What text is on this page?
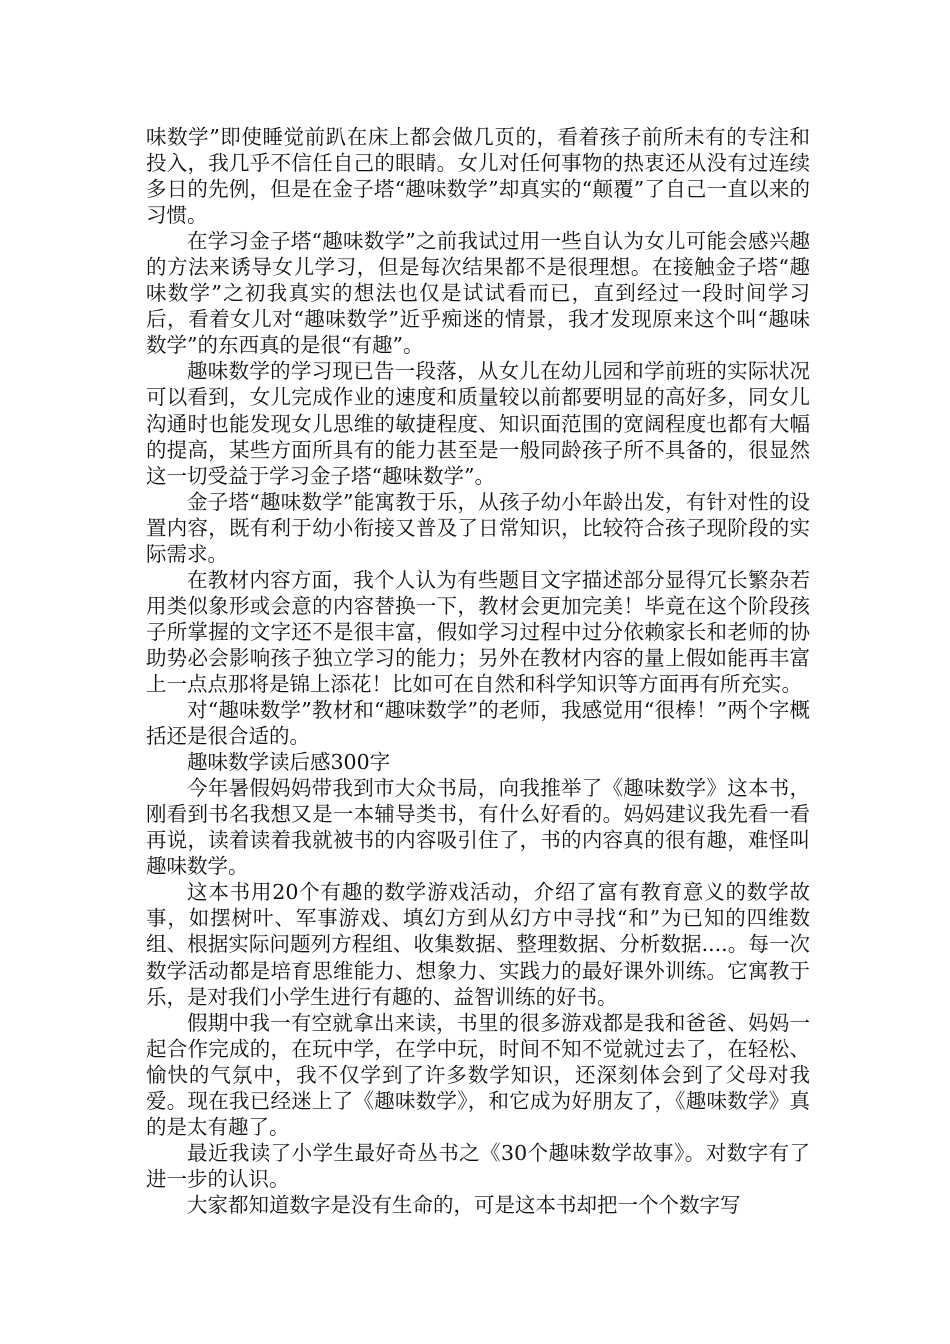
味数学”即使睡觉前趴在床上都会做几页的，看着孩子前所未有的专注和投入，我几乎不信任自己的眼睛。女儿对任何事物的热衷还从没有过连续多日的先例，但是在金子塔“趣味数学”却真实的“颠覆”了自己一直以来的习惯。

在学习金子塔“趣味数学”之前我试过用一些自认为女儿可能会感兴趣的方法来诱导女儿学习，但是每次结果都不是很理想。在接触金子塔“趣味数学”之初我真实的想法也仅是试试看而已，直到经过一段时间学习后，看着女儿对“趣味数学”近乎痴迷的情景，我才发现原来这个叫“趣味数学”的东西真的是很“有趣”。

趣味数学的学习现已告一段落，从女儿在幼儿园和学前班的实际状况可以看到，女儿完成作业的速度和质量较以前都要明显的高好多，同女儿沟通时也能发现女儿思维的敏捷程度、知识面范围的宽阔程度也都有大幅的提高，某些方面所具有的能力甚至是一般同龄孩子所不具备的，很显然这一切受益于学习金子塔“趣味数学”。

金子塔“趣味数学”能寓教于乐，从孩子幼小年龄出发，有针对性的设置内容，既有利于幼小衔接又普及了日常知识，比较符合孩子现阶段的实际需求。

在教材内容方面，我个人认为有些题目文字描述部分显得冗长繁杂若用类似象形或会意的内容替换一下，教材会更加完美！毕竟在这个阶段孩子所掌握的文字还不是很丰富，假如学习过程中过分依赖家长和老师的协助势必会影响孩子独立学习的能力；另外在教材内容的量上假如能再丰富上一点点那将是锦上添花！比如可在自然和科学知识等方面再有所充实。

对“趣味数学”教材和“趣味数学”的老师，我感觉用“很棒！”两个字概括还是很合适的。

趣味数学读后感300字

今年暑假妈妈带我到市大众书局，向我推举了《趣味数学》这本书，刚看到书名我想又是一本辅导类书，有什么好看的。妈妈建议我先看一看再说，读着读着我就被书的内容吸引住了，书的内容真的很有趣，难怪叫趣味数学。

这本书用20个有趣的数学游戏活动，介绍了富有教育意义的数学故事，如摆树叶、军事游戏、填幻方到从幻方中寻找“和”为已知的四维数组、根据实际问题列方程组、收集数据、整理数据、分析数据....。每一次数学活动都是培育思维能力、想象力、实践力的最好课外训练。它寓教于乐，是对我们小学生进行有趣的、益智训练的好书。

假期中我一有空就拿出来读，书里的很多游戏都是我和爸爸、妈妈一起合作完成的，在玩中学，在学中玩，时间不知不觉就过去了，在轻松、愉快的气氛中，我不仅学到了许多数学知识，还深刻体会到了父母对我爱。现在我已经迷上了《趣味数学》，和它成为好朋友了，《趣味数学》真的是太有趣了。

最近我读了小学生最好奇丛书之《30个趣味数学故事》。对数字有了进一步的认识。

大家都知道数字是没有生命的，可是这本书却把一个个数字写
